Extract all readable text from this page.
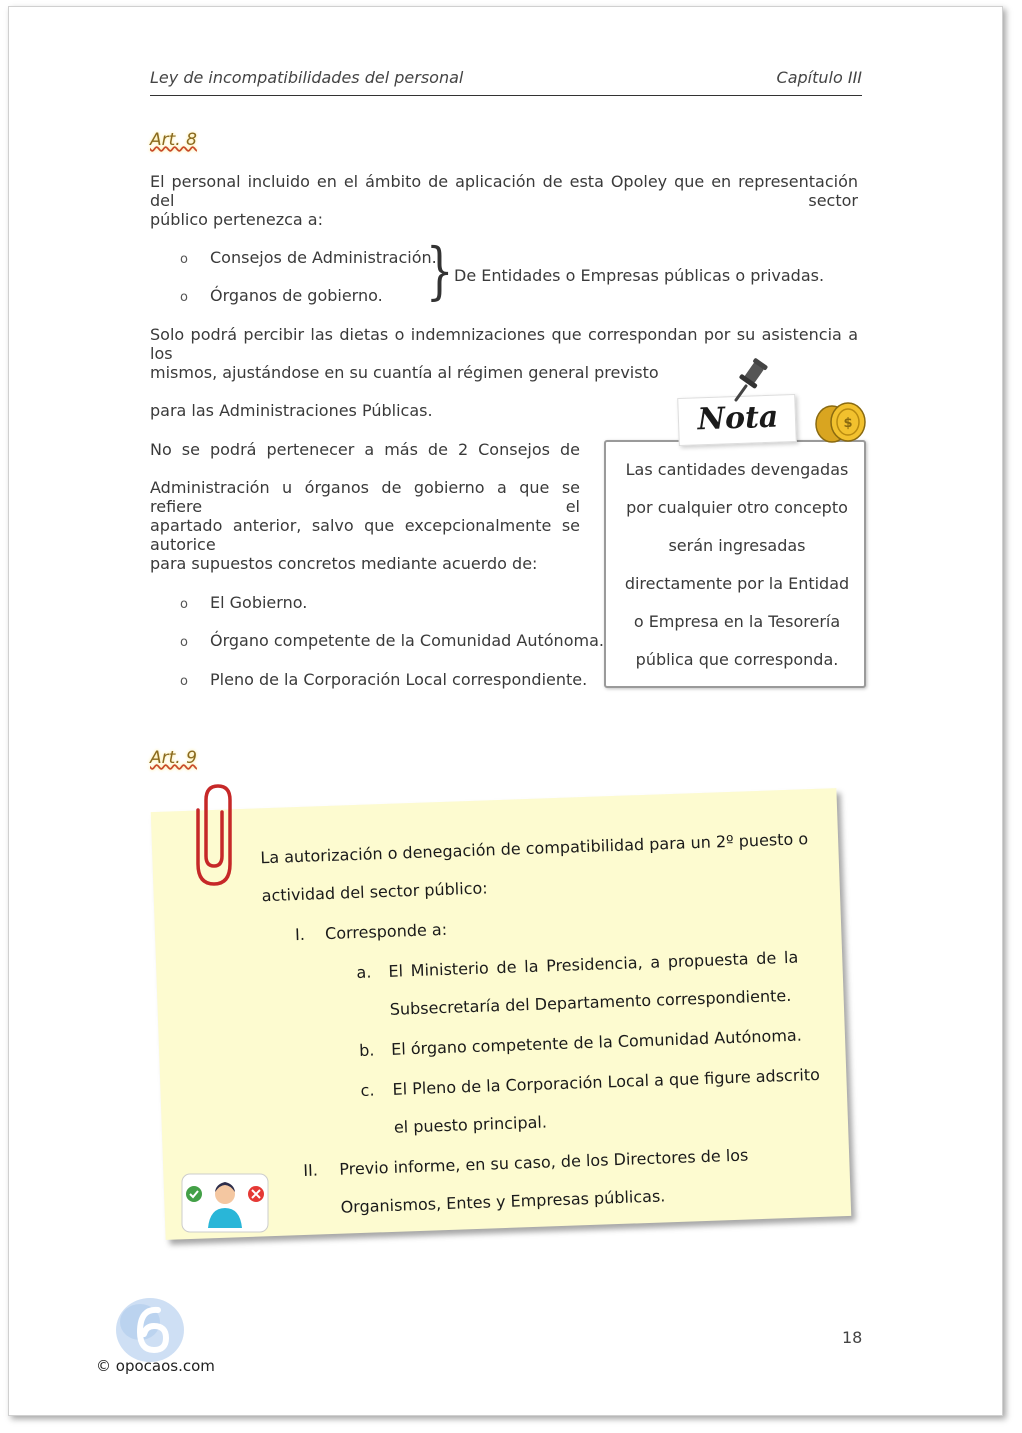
Ley de incompatibilidades del personal	Capítulo III
Art. 8
El personal incluido en el ámbito de aplicación de esta Opoley que en representación del sector
público pertenezca a:
o Consejos de Administración.
o Órganos de gobierno. } De Entidades o Empresas públicas o privadas.
Solo podrá percibir las dietas o indemnizaciones que correspondan por su asistencia a los
mismos, ajustándose en su cuantía al régimen general previsto
para las Administraciones Públicas.
No se podrá pertenecer a más de 2 Consejos de
Administración u órganos de gobierno a que se refiere el
apartado anterior, salvo que excepcionalmente se autorice
para supuestos concretos mediante acuerdo de:
o El Gobierno.
o Órgano competente de la Comunidad Autónoma.
o Pleno de la Corporación Local correspondiente.
Las cantidades devengadas
por cualquier otro concepto
serán ingresadas
directamente por la Entidad
o Empresa en la Tesorería
pública que corresponda.
Nota	$
Art. 9
La autorización o denegación de compatibilidad para un 2º puesto o
actividad del sector público:
I. Corresponde a:
a. El Ministerio de la Presidencia, a propuesta de la
Subsecretaría del Departamento correspondiente.
b. El órgano competente de la Comunidad Autónoma.
c. El Pleno de la Corporación Local a que figure adscrito
el puesto principal.
II. Previo informe, en su caso, de los Directores de los
Organismos, Entes y Empresas públicas.
© opocaos.com
18
